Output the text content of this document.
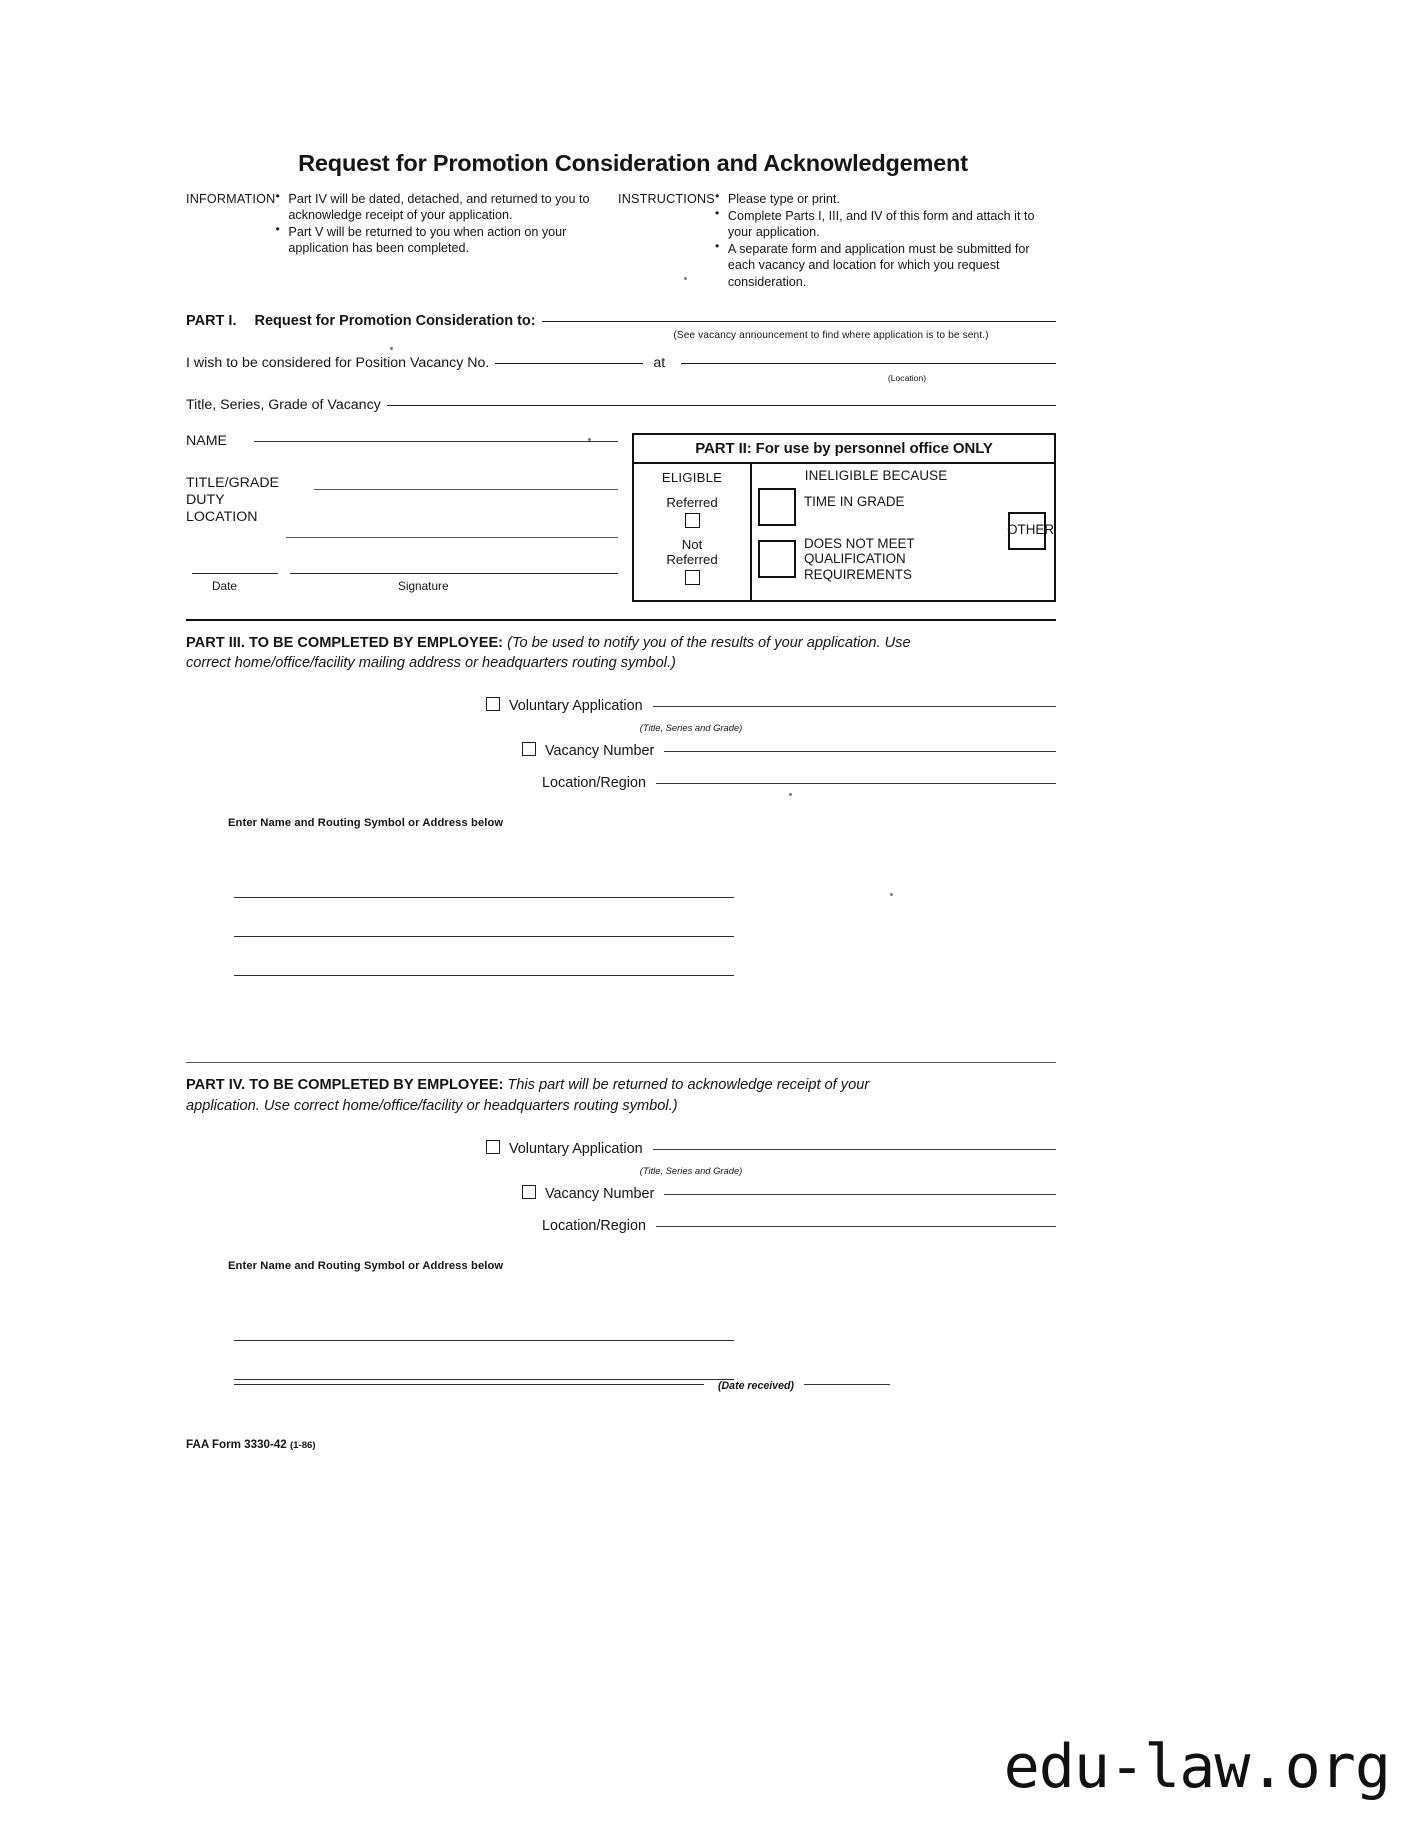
Request for Promotion Consideration and Acknowledgement
INFORMATION	● Part IV will be dated, detached, and returned to you to acknowledge receipt of your application.
● Part V will be returned to you when action on your application has been completed.
INSTRUCTIONS	● Please type or print.
● Complete Parts I, III, and IV of this form and attach it to your application.
● A separate form and application must be submitted for each vacancy and location for which you request consideration.
PART I. Request for Promotion Consideration to:
(See vacancy announcement to find where application is to be sent.)
I wish to be considered for Position Vacancy No.	at
(Location)
Title, Series, Grade of Vacancy
NAME
TITLE/GRADE
DUTY
LOCATION
Date	Signature
PART II: For use by personnel office ONLY
ELIGIBLE
Referred
Not
Referred
INELIGIBLE BECAUSE
TIME IN GRADE
DOES NOT MEET
QUALIFICATION
REQUIREMENTS
OTHER
PART III. TO BE COMPLETED BY EMPLOYEE: (To be used to notify you of the results of your application. Use
correct home/office/facility mailing address or headquarters routing symbol.)
Voluntary Application
(Title, Series and Grade)
Vacancy Number
Location/Region
Enter Name and Routing Symbol or Address below
PART IV. TO BE COMPLETED BY EMPLOYEE: This part will be returned to acknowledge receipt of your
application. Use correct home/office/facility or headquarters routing symbol.)
Voluntary Application
(Title, Series and Grade)
Vacancy Number
Location/Region
Enter Name and Routing Symbol or Address below
(Date received)
FAA Form 3330-42 (1-86)
edu-law.org
